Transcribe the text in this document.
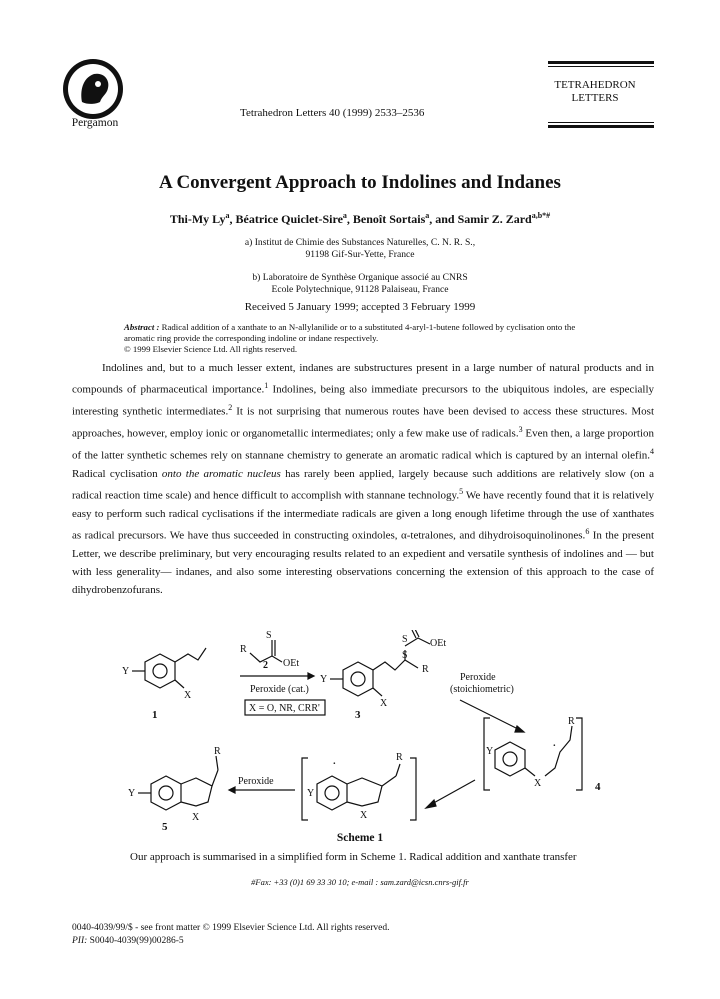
Pergamon
Tetrahedron Letters 40 (1999) 2533–2536
TETRAHEDRON
LETTERS
A Convergent Approach to Indolines and Indanes
Thi-My Ly$^a$, Béatrice Quiclet-Sire$^a$, Benoît Sortais$^a$, and Samir Z. Zard$^{a,b*\#}$
a) Institut de Chimie des Substances Naturelles, C. N. R. S.,
91198 Gif-Sur-Yette, France
b) Laboratoire de Synthèse Organique associé au CNRS
Ecole Polytechnique, 91128 Palaiseau, France
Received 5 January 1999; accepted 3 February 1999
Abstract : Radical addition of a xanthate to an N-allylanilide or to a substituted 4-aryl-1-butene followed by cyclisation onto the aromatic ring provide the corresponding indoline or indane respectively.
© 1999 Elsevier Science Ltd. All rights reserved.

Indolines and, but to a much lesser extent, indanes are substructures present in a large number of natural products and in compounds of pharmaceutical importance.$^1$ Indolines, being also immediate precursors to the ubiquitous indoles, are especially interesting synthetic intermediates.$^2$ It is not surprising that numerous routes have been devised to access these structures. Most approaches, however, employ ionic or organometallic intermediates; only a few make use of radicals.$^3$ Even then, a large proportion of the latter synthetic schemes rely on stannane chemistry to generate an aromatic radical which is captured by an internal olefin.$^4$ Radical cyclisation onto the aromatic nucleus has rarely been applied, largely because such additions are relatively slow (on a radical reaction time scale) and hence difficult to accomplish with stannane technology.$^5$ We have recently found that it is relatively easy to perform such radical cyclisations if the intermediate radicals are given a long enough lifetime through the use of xanthates as radical precursors. We have thus succeeded in constructing oxindoles, α-tetralones, and dihydroisoquinolinones.$^6$ In the present Letter, we describe preliminary, but very encouraging results related to an expedient and versatile synthesis of indolines and — but with less generality— indanes, and also some interesting observations concerning the extension of this approach to the case of dihydrobenzofurans.

Y
X
1
S
R
OEt
2
Peroxide (cat.)
X = O, NR, CRR'
Y
X
S
R
S OEt
3
Peroxide
(stoichiometric)
Y
X
R
·
4
Y
X
R
·
Peroxide
Y
X
R
5
Scheme 1
Our approach is summarised in a simplified form in Scheme 1. Radical addition and xanthate transfer
#Fax: +33 (0)1 69 33 30 10; e-mail : sam.zard@icsn.cnrs-gif.fr
0040-4039/99/$ - see front matter © 1999 Elsevier Science Ltd. All rights reserved.
PII: S0040-4039(99)00286-5
